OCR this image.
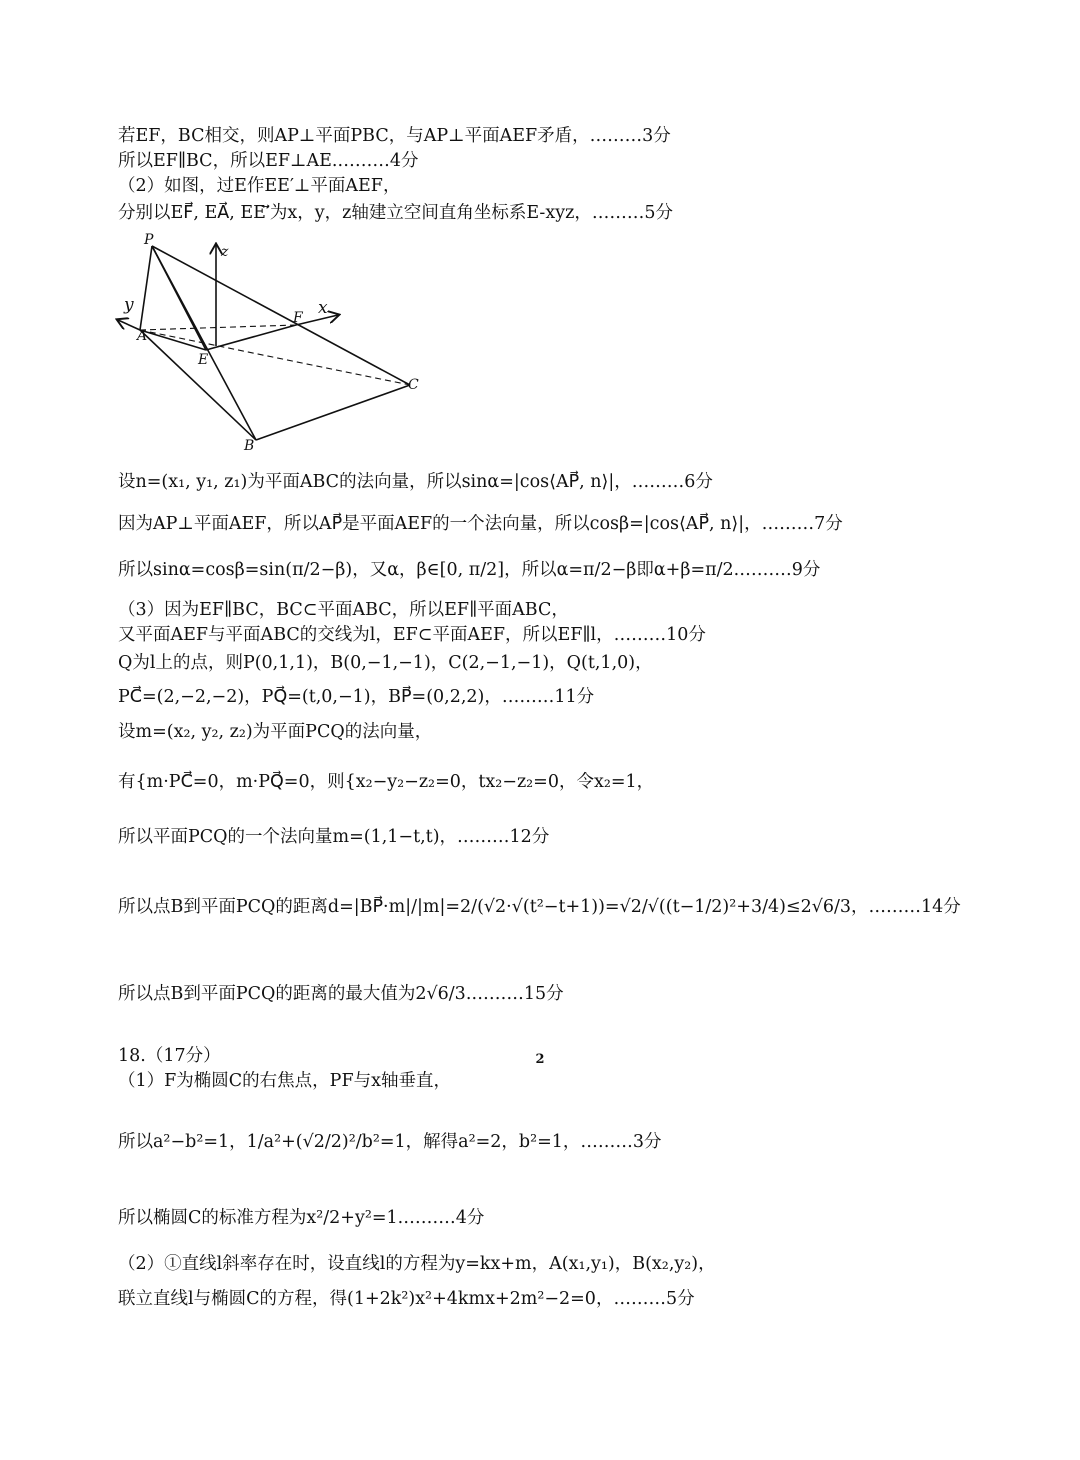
若EF，BC相交，则AP⊥平面PBC，与AP⊥平面AEF矛盾，………3分
所以EF∥BC，所以EF⊥AE.………4分
（2）如图，过E作EE′⊥平面AEF，
分别以EF⃗, EA⃗, EE′⃗为x，y，z轴建立空间直角坐标系E-xyz，………5分
P
z
y	x
A
F
E
C
B
设n=(x₁, y₁, z₁)为平面ABC的法向量，所以sinα=|cos⟨AP⃗, n⟩|，………6分
因为AP⊥平面AEF，所以AP⃗是平面AEF的一个法向量，所以cosβ=|cos⟨AP⃗, n⟩|，………7分
所以sinα=cosβ=sin(π/2−β)，又α，β∈[0, π/2]，所以α=π/2−β即α+β=π/2.………9分
（3）因为EF∥BC，BC⊂平面ABC，所以EF∥平面ABC，
又平面AEF与平面ABC的交线为l，EF⊂平面AEF，所以EF∥l，………10分
Q为l上的点，则P(0,1,1)，B(0,−1,−1)，C(2,−1,−1)，Q(t,1,0)，
PC⃗=(2,−2,−2)，PQ⃗=(t,0,−1)，BP⃗=(0,2,2)，………11分
设m=(x₂, y₂, z₂)为平面PCQ的法向量，
有{m·PC⃗=0，m·PQ⃗=0，则{x₂−y₂−z₂=0，tx₂−z₂=0，令x₂=1，
所以平面PCQ的一个法向量m=(1,1−t,t)，………12分
所以点B到平面PCQ的距离d=|BP⃗·m|/|m|=2/(√2·√(t²−t+1))=√2/√((t−1/2)²+3/4)≤2√6/3，………14分
所以点B到平面PCQ的距离的最大值为2√6/3.………15分
18.（17分）
（1）F为椭圆C的右焦点，PF与x轴垂直，
所以a²−b²=1，1/a²+(√2/2)²/b²=1，解得a²=2，b²=1，………3分
所以椭圆C的标准方程为x²/2+y²=1.………4分
（2）①直线l斜率存在时，设直线l的方程为y=kx+m，A(x₁,y₁)，B(x₂,y₂)，
联立直线l与椭圆C的方程，得(1+2k²)x²+4kmx+2m²−2=0，………5分
2
